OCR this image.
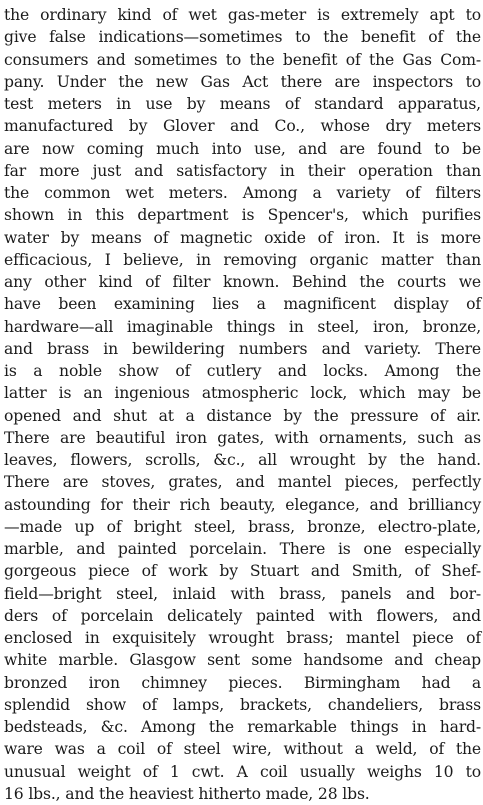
the ordinary kind of wet gas-meter is extremely apt to
give false indications—sometimes to the benefit of the
consumers and sometimes to the benefit of the Gas Com-
pany. Under the new Gas Act there are inspectors to
test meters in use by means of standard apparatus,
manufactured by Glover and Co., whose dry meters
are now coming much into use, and are found to be
far more just and satisfactory in their operation than
the common wet meters. Among a variety of filters
shown in this department is Spencer's, which purifies
water by means of magnetic oxide of iron. It is more
efficacious, I believe, in removing organic matter than
any other kind of filter known. Behind the courts we
have been examining lies a magnificent display of
hardware—all imaginable things in steel, iron, bronze,
and brass in bewildering numbers and variety. There
is a noble show of cutlery and locks. Among the
latter is an ingenious atmospheric lock, which may be
opened and shut at a distance by the pressure of air.
There are beautiful iron gates, with ornaments, such as
leaves, flowers, scrolls, &c., all wrought by the hand.
There are stoves, grates, and mantel pieces, perfectly
astounding for their rich beauty, elegance, and brilliancy
—made up of bright steel, brass, bronze, electro-plate,
marble, and painted porcelain. There is one especially
gorgeous piece of work by Stuart and Smith, of Shef-
field—bright steel, inlaid with brass, panels and bor-
ders of porcelain delicately painted with flowers, and
enclosed in exquisitely wrought brass; mantel piece of
white marble. Glasgow sent some handsome and cheap
bronzed iron chimney pieces. Birmingham had a
splendid show of lamps, brackets, chandeliers, brass
bedsteads, &c. Among the remarkable things in hard-
ware was a coil of steel wire, without a weld, of the
unusual weight of 1 cwt. A coil usually weighs 10 to
16 lbs., and the heaviest hitherto made, 28 lbs.
